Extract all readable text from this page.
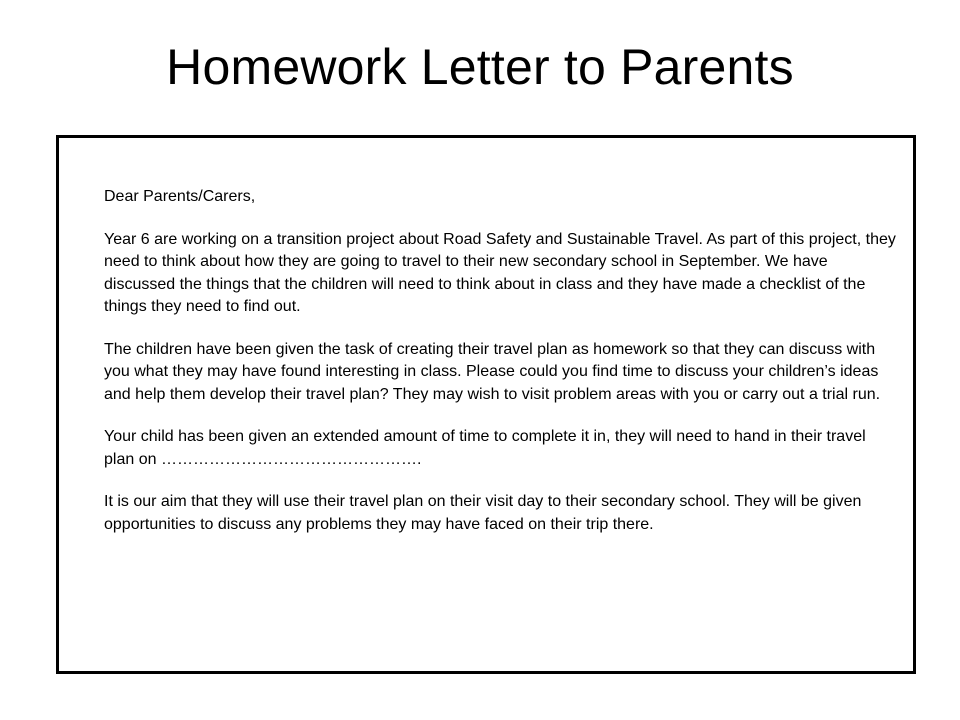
Homework Letter to Parents

Dear Parents/Carers,

Year 6 are working on a transition project about Road Safety and Sustainable Travel. As part of this project, they need to think about how they are going to travel to their new secondary school in September. We have discussed the things that the children will need to think about in class and they have made a checklist of the things they need to find out.

The children have been given the task of creating their travel plan as homework so that they can discuss with you what they may have found interesting in class. Please could you find time to discuss your children’s ideas and help them develop their travel plan? They may wish to visit problem areas with you or carry out a trial run.

Your child has been given an extended amount of time to complete it in, they will need to hand in their travel plan on ………………………………………….

It is our aim that they will use their travel plan on their visit day to their secondary school. They will be given opportunities to discuss any problems they may have faced on their trip there.
